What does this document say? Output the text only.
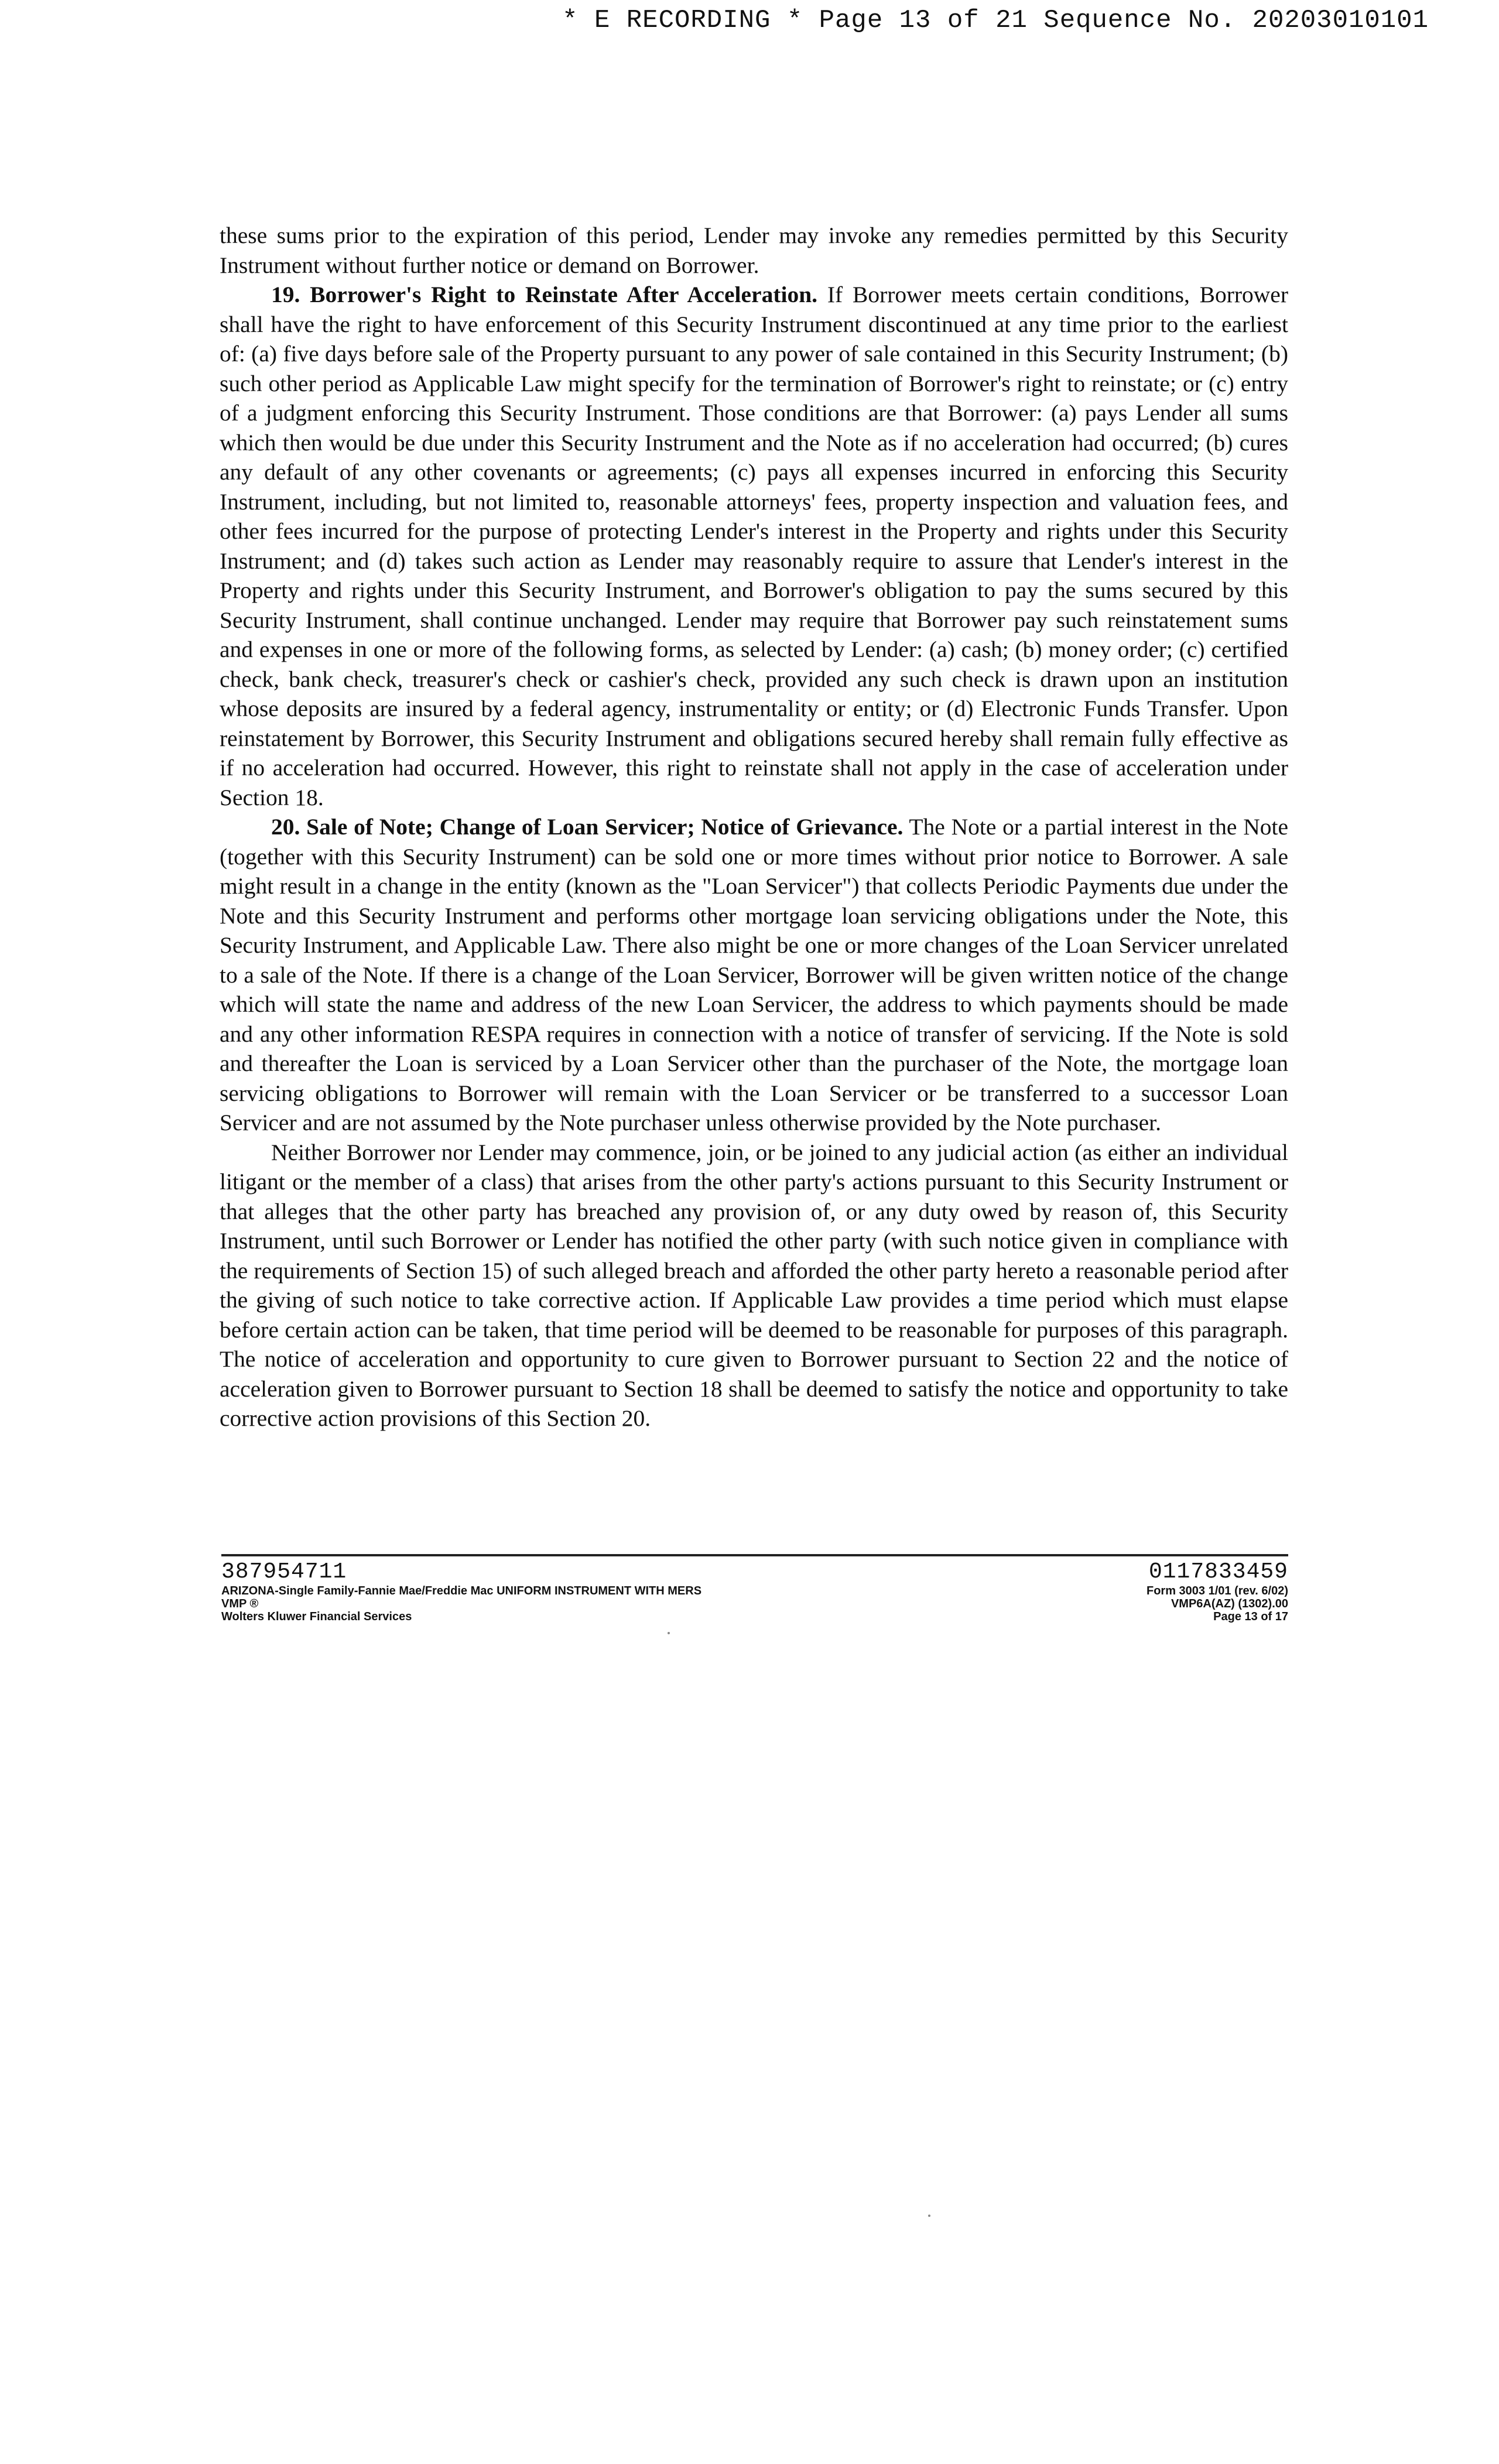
* E RECORDING * Page 13 of 21 Sequence No. 20203010101

these sums prior to the expiration of this period, Lender may invoke any remedies permitted by this Security Instrument without further notice or demand on Borrower.

19. Borrower's Right to Reinstate After Acceleration. If Borrower meets certain conditions, Borrower shall have the right to have enforcement of this Security Instrument discontinued at any time prior to the earliest of: (a) five days before sale of the Property pursuant to any power of sale contained in this Security Instrument; (b) such other period as Applicable Law might specify for the termination of Borrower's right to reinstate; or (c) entry of a judgment enforcing this Security Instrument. Those conditions are that Borrower: (a) pays Lender all sums which then would be due under this Security Instrument and the Note as if no acceleration had occurred; (b) cures any default of any other covenants or agreements; (c) pays all expenses incurred in enforcing this Security Instrument, including, but not limited to, reasonable attorneys' fees, property inspection and valuation fees, and other fees incurred for the purpose of protecting Lender's interest in the Property and rights under this Security Instrument; and (d) takes such action as Lender may reasonably require to assure that Lender's interest in the Property and rights under this Security Instrument, and Borrower's obligation to pay the sums secured by this Security Instrument, shall continue unchanged. Lender may require that Borrower pay such reinstatement sums and expenses in one or more of the following forms, as selected by Lender: (a) cash; (b) money order; (c) certified check, bank check, treasurer's check or cashier's check, provided any such check is drawn upon an institution whose deposits are insured by a federal agency, instrumentality or entity; or (d) Electronic Funds Transfer. Upon reinstatement by Borrower, this Security Instrument and obligations secured hereby shall remain fully effective as if no acceleration had occurred. However, this right to reinstate shall not apply in the case of acceleration under Section 18.

20. Sale of Note; Change of Loan Servicer; Notice of Grievance. The Note or a partial interest in the Note (together with this Security Instrument) can be sold one or more times without prior notice to Borrower. A sale might result in a change in the entity (known as the "Loan Servicer") that collects Periodic Payments due under the Note and this Security Instrument and performs other mortgage loan servicing obligations under the Note, this Security Instrument, and Applicable Law. There also might be one or more changes of the Loan Servicer unrelated to a sale of the Note. If there is a change of the Loan Servicer, Borrower will be given written notice of the change which will state the name and address of the new Loan Servicer, the address to which payments should be made and any other information RESPA requires in connection with a notice of transfer of servicing. If the Note is sold and thereafter the Loan is serviced by a Loan Servicer other than the purchaser of the Note, the mortgage loan servicing obligations to Borrower will remain with the Loan Servicer or be transferred to a successor Loan Servicer and are not assumed by the Note purchaser unless otherwise provided by the Note purchaser.

Neither Borrower nor Lender may commence, join, or be joined to any judicial action (as either an individual litigant or the member of a class) that arises from the other party's actions pursuant to this Security Instrument or that alleges that the other party has breached any provision of, or any duty owed by reason of, this Security Instrument, until such Borrower or Lender has notified the other party (with such notice given in compliance with the requirements of Section 15) of such alleged breach and afforded the other party hereto a reasonable period after the giving of such notice to take corrective action. If Applicable Law provides a time period which must elapse before certain action can be taken, that time period will be deemed to be reasonable for purposes of this paragraph. The notice of acceleration and opportunity to cure given to Borrower pursuant to Section 22 and the notice of acceleration given to Borrower pursuant to Section 18 shall be deemed to satisfy the notice and opportunity to take corrective action provisions of this Section 20.

387954711
ARIZONA-Single Family-Fannie Mae/Freddie Mac UNIFORM INSTRUMENT WITH MERS
VMP ®
Wolters Kluwer Financial Services
0117833459
Form 3003 1/01 (rev. 6/02)
VMP6A(AZ) (1302).00
Page 13 of 17
